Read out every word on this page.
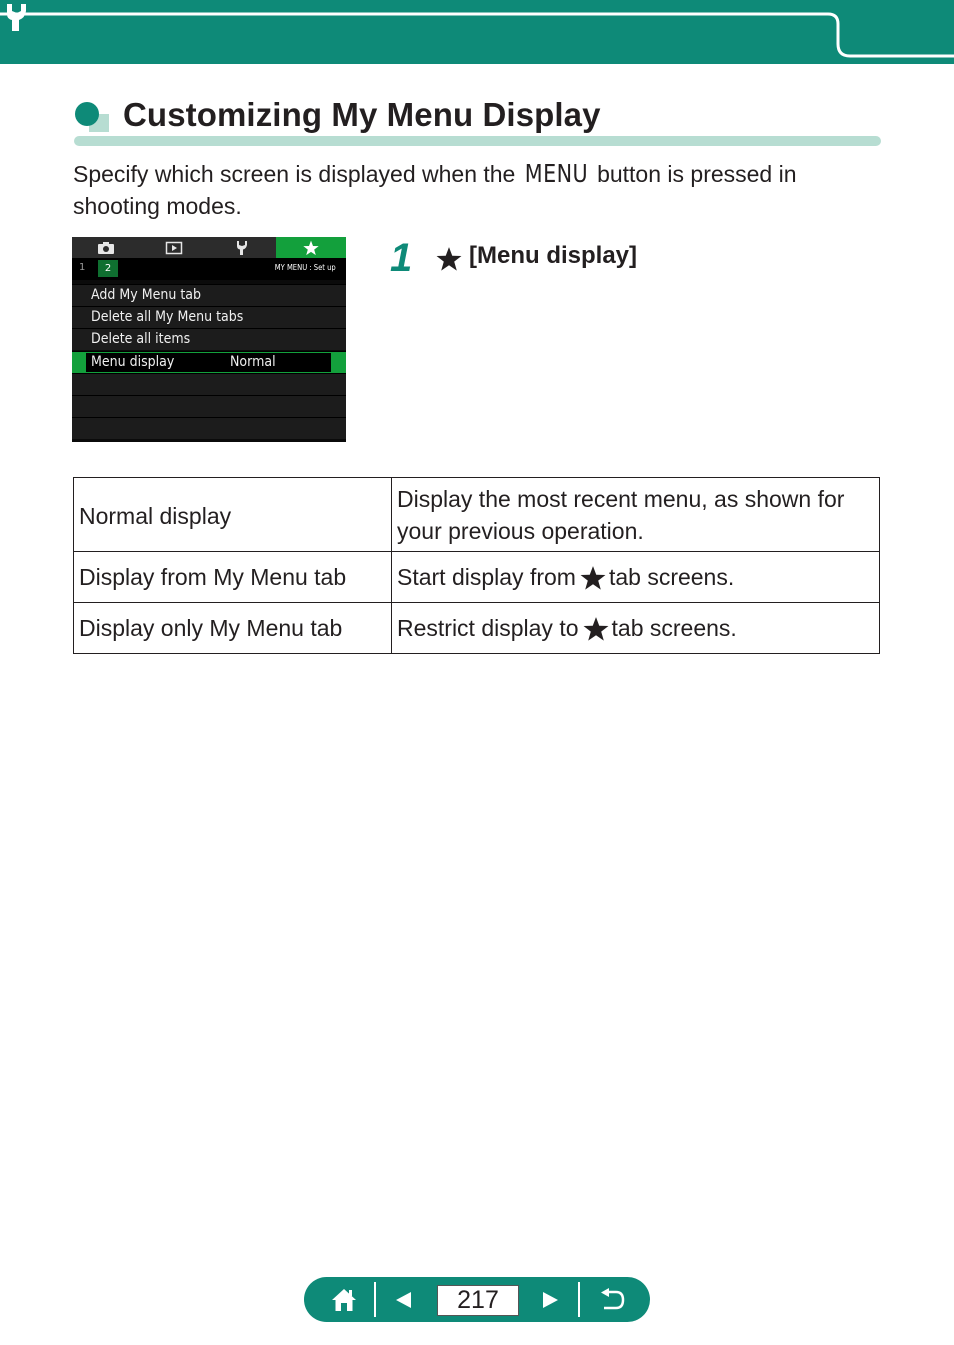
Customizing My Menu Display
Specify which screen is displayed when the MENU button is pressed in shooting modes.
1	2	MY MENU : Set up
Add My Menu tab
Delete all My Menu tabs
Delete all items
Menu display	Normal
1 [Menu display]
Normal display	Display the most recent menu, as shown for your previous operation.
Display from My Menu tab	Start display from tab screens.
Display only My Menu tab	Restrict display to tab screens.
217
